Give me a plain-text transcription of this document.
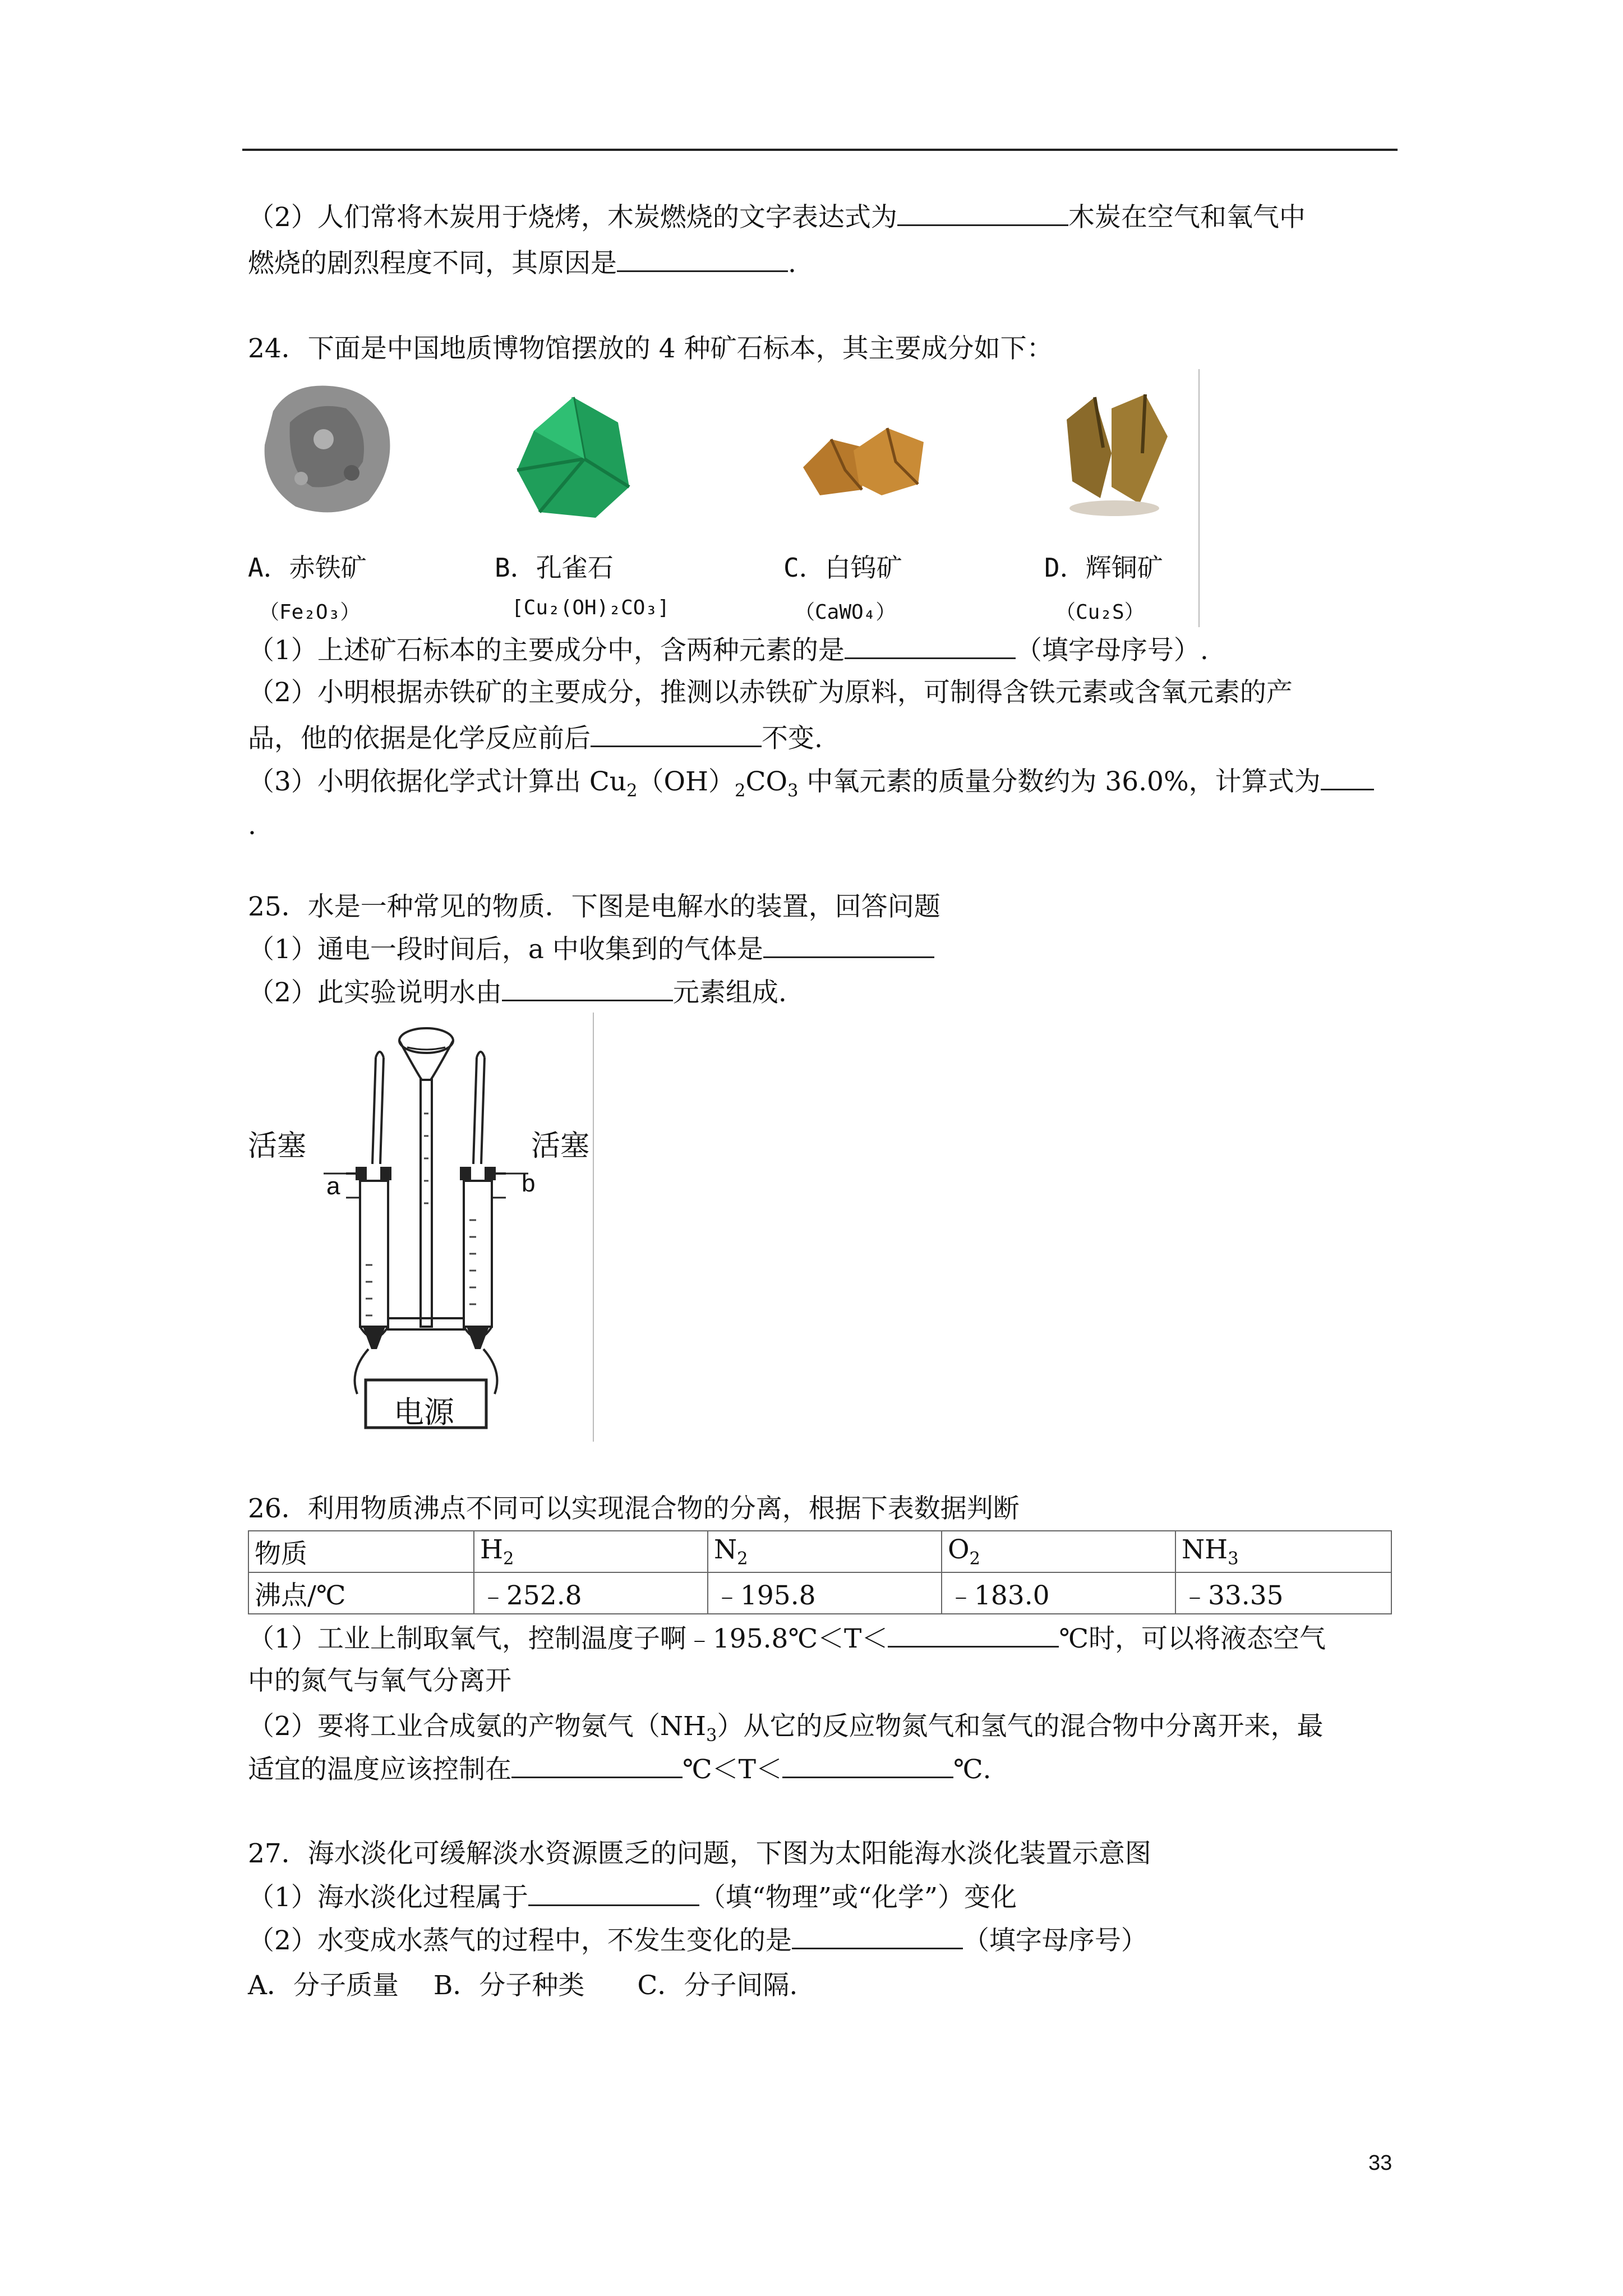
（2）人们常将木炭用于烧烤，木炭燃烧的文字表达式为	木炭在空气和氧气中
燃烧的剧烈程度不同，其原因是	.
24．下面是中国地质博物馆摆放的 4 种矿石标本，其主要成分如下：
A．赤铁矿
（Fe₂O₃）
B．孔雀石
[Cu₂(OH)₂CO₃]
C．白钨矿
（CaWO₄）
D．辉铜矿
（Cu₂S）
（1）上述矿石标本的主要成分中，含两种元素的是	（填字母序号）.
（2）小明根据赤铁矿的主要成分，推测以赤铁矿为原料，可制得含铁元素或含氧元素的产
品，他的依据是化学反应前后	不变.
（3）小明依据化学式计算出 $Cu_2(OH)_2CO_3$ 中氧元素的质量分数约为 36.0%，计算式为
.
25．水是一种常见的物质．下图是电解水的装置，回答问题
（1）通电一段时间后，a 中收集到的气体是
（2）此实验说明水由	元素组成.
活塞	活塞
a	b
电源
26．利用物质沸点不同可以实现混合物的分离，根据下表数据判断
物质	$H_2$	$N_2$	$O_2$	$NH_3$
沸点/℃	﹣252.8	﹣195.8	﹣183.0	﹣33.35
（1）工业上制取氧气，控制温度子啊﹣195.8℃＜T＜	℃时，可以将液态空气
中的氮气与氧气分离开
（2）要将工业合成氨的产物氨气$(NH_3)$从它的反应物氮气和氢气的混合物中分离开来，最
适宜的温度应该控制在	℃＜T＜	℃.
27．海水淡化可缓解淡水资源匮乏的问题，下图为太阳能海水淡化装置示意图
（1）海水淡化过程属于	（填“物理”或“化学”）变化
（2）水变成水蒸气的过程中，不发生变化的是	（填字母序号）
A．分子质量　 B．分子种类　　C．分子间隔.
33
